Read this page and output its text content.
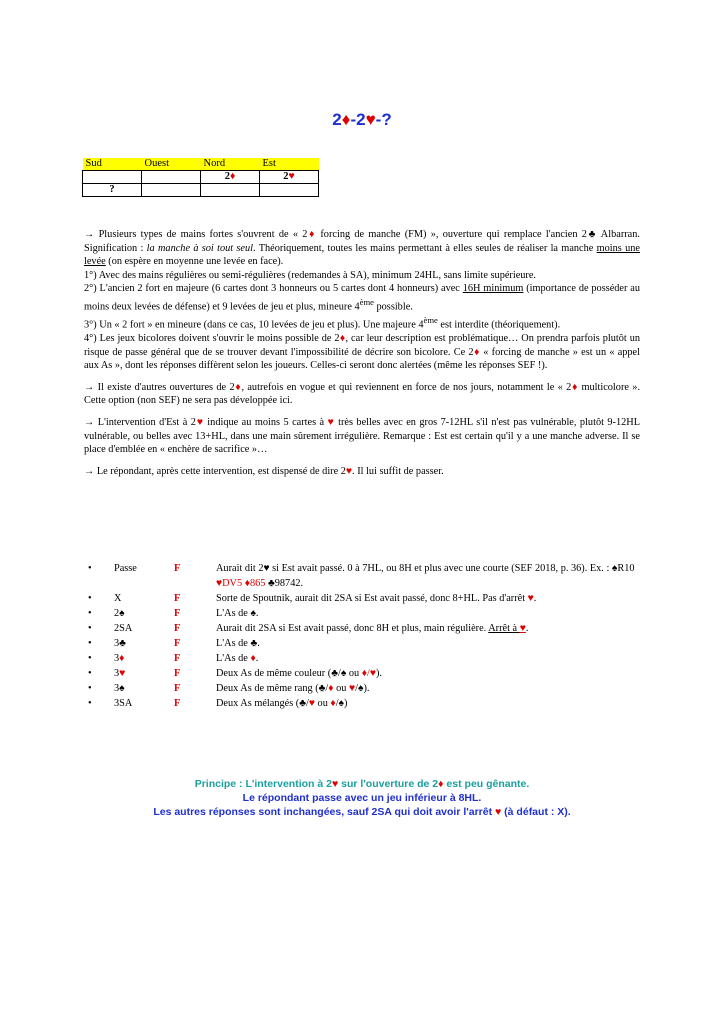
2♦-2♥-?
Sud	Ouest	Nord	Est
		2♦	2♥
?			

→ Plusieurs types de mains fortes s'ouvrent de « 2♦ forcing de manche (FM) », ouverture qui remplace l'ancien 2♣ Albarran. Signification : la manche à soi tout seul. Théoriquement, toutes les mains permettant à elles seules de réaliser la manche moins une levée (on espère en moyenne une levée en face).

1°) Avec des mains régulières ou semi-régulières (redemandes à SA), minimum 24HL, sans limite supérieure.

2°) L'ancien 2 fort en majeure (6 cartes dont 3 honneurs ou 5 cartes dont 4 honneurs) avec 16H minimum (importance de posséder au moins deux levées de défense) et 9 levées de jeu et plus, mineure 4ème possible.

3°) Un « 2 fort » en mineure (dans ce cas, 10 levées de jeu et plus). Une majeure 4ème est interdite (théoriquement).

4°) Les jeux bicolores doivent s'ouvrir le moins possible de 2♦, car leur description est problématique… On prendra parfois plutôt un risque de passe général que de se trouver devant l'impossibilité de décrire son bicolore. Ce 2♦ « forcing de manche » est un « appel aux As », dont les réponses diffèrent selon les joueurs. Celles-ci seront donc alertées (même les réponses SEF !).

→ Il existe d'autres ouvertures de 2♦, autrefois en vogue et qui reviennent en force de nos jours, notamment le « 2♦ multicolore ». Cette option (non SEF) ne sera pas développée ici.

→ L'intervention d'Est à 2♥ indique au moins 5 cartes à ♥ très belles avec en gros 7-12HL s'il n'est pas vulnérable, plutôt 9-12HL vulnérable, ou belles avec 13+HL, dans une main sûrement irrégulière. Remarque : Est est certain qu'il y a une manche adverse. Il se place d'emblée en « enchère de sacrifice »…

→ Le répondant, après cette intervention, est dispensé de dire 2♥. Il lui suffit de passer.

• Passe	F	Aurait dit 2♥ si Est avait passé. 0 à 7HL, ou 8H et plus avec une courte (SEF 2018, p. 36). Ex. : ♠R10 ♥DV5 ♦865 ♣98742.
• X	F	Sorte de Spoutnik, aurait dit 2SA si Est avait passé, donc 8+HL. Pas d'arrêt ♥.
• 2♠	F	L'As de ♠.
• 2SA	F	Aurait dit 2SA si Est avait passé, donc 8H et plus, main régulière. Arrêt à ♥.
• 3♣	F	L'As de ♣.
• 3♦	F	L'As de ♦.
• 3♥	F	Deux As de même couleur (♣/♠ ou ♦/♥).
• 3♠	F	Deux As de même rang (♣/♦ ou ♥/♠).
• 3SA	F	Deux As mélangés (♣/♥ ou ♦/♠)
Principe : L'intervention à 2♥ sur l'ouverture de 2♦ est peu gênante.
Le répondant passe avec un jeu inférieur à 8HL.
Les autres réponses sont inchangées, sauf 2SA qui doit avoir l'arrêt ♥ (à défaut : X).
